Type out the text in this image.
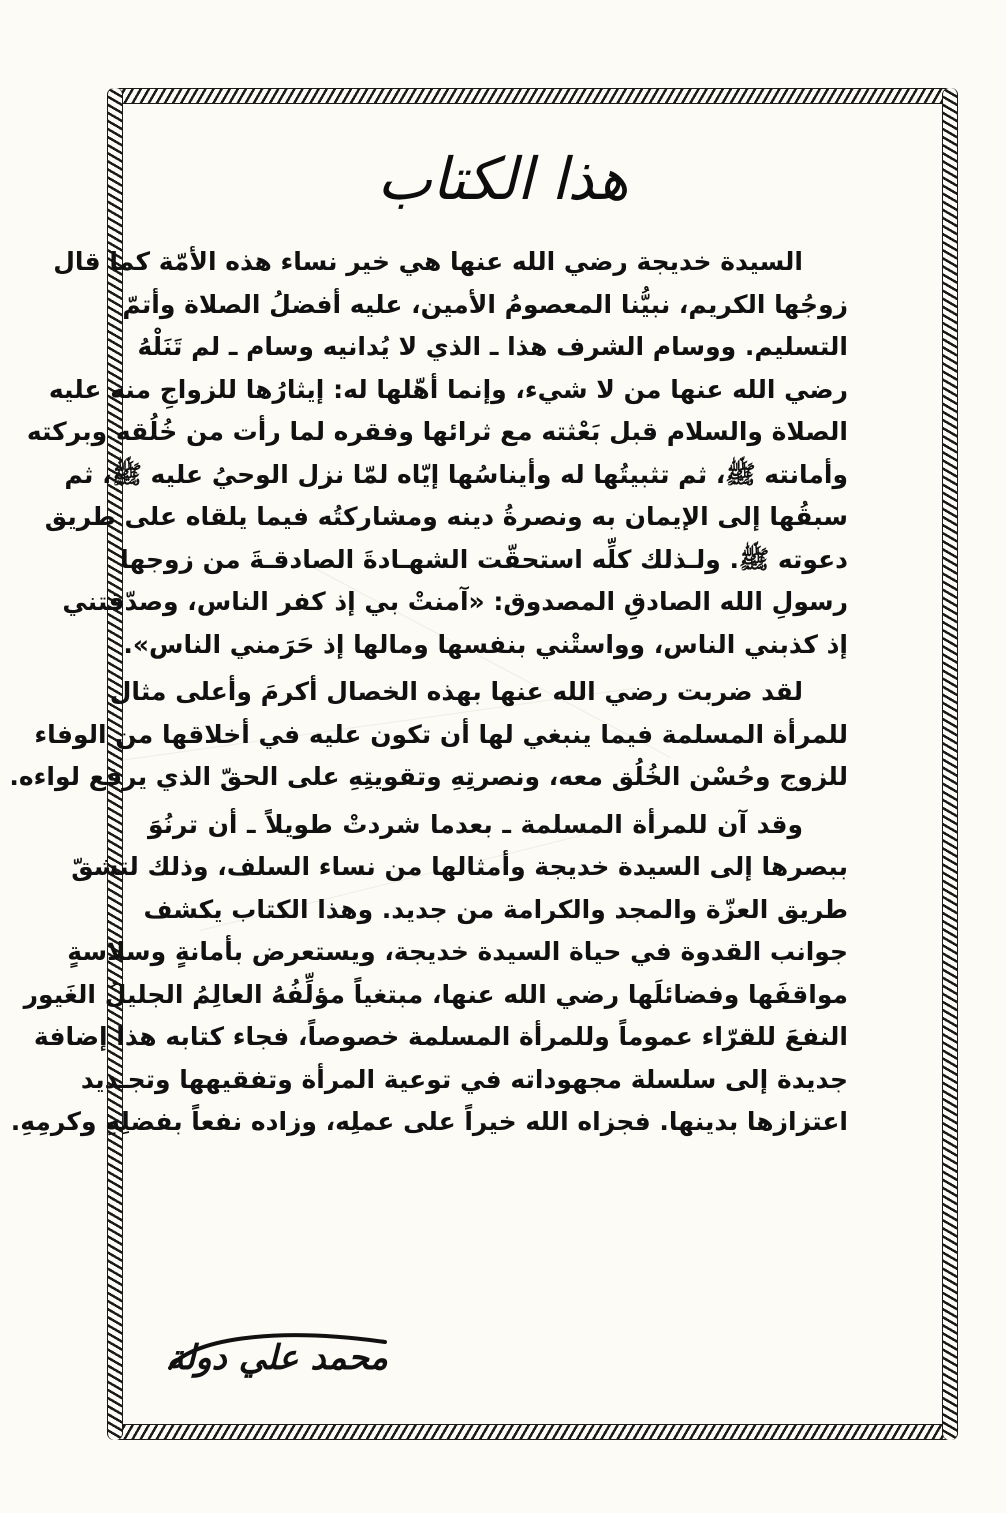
هذا الكتاب
السيدة خديجة رضي الله عنها هي خير نساء هذه الأمّة كما قال
زوجُها الكريم، نبيُّنا المعصومُ الأمين، عليه أفضلُ الصلاة وأتمّ
التسليم. ووسام الشرف هذا ـ الذي لا يُدانيه وسام ـ لم تَنَلْهُ
رضي الله عنها من لا شيء، وإنما أهّلها له: إيثارُها للزواجِ منه عليه
الصلاة والسلام قبل بَعْثته مع ثرائها وفقره لما رأت من خُلُقه وبركته
وأمانته ﷺ، ثم تثبيتُها له وأيناسُها إيّاه لمّا نزل الوحيُ عليه ﷺ، ثم
سبقُها إلى الإيمان به ونصرةُ دينه ومشاركتُه فيما يلقاه على طريق
دعوته ﷺ. ولـذلك كلِّه استحقّت الشهـادةَ الصادقـةَ من زوجها
رسولِ الله الصادقِ المصدوق: «آمنتْ بي إذ كفر الناس، وصدّقتني
إذ كذبني الناس، وواستْني بنفسها ومالها إذ حَرَمني الناس».
لقد ضربت رضي الله عنها بهذه الخصال أكرمَ وأعلى مثال
للمرأة المسلمة فيما ينبغي لها أن تكون عليه في أخلاقها من الوفاء
للزوج وحُسْن الخُلُق معه، ونصرتِهِ وتقويتِهِ على الحقّ الذي يرفع لواءه.
وقد آن للمرأة المسلمة ـ بعدما شردتْ طويلاً ـ أن ترنُوَ
ببصرها إلى السيدة خديجة وأمثالها من نساء السلف، وذلك لتشقّ
طريق العزّة والمجد والكرامة من جديد. وهذا الكتاب يكشف
جوانب القدوة في حياة السيدة خديجة، ويستعرض بأمانةٍ وسلاسةٍ
مواقفَها وفضائلَها رضي الله عنها، مبتغياً مؤلِّفُهُ العالِمُ الجليلُ الغَيور
النفعَ للقرّاء عموماً وللمرأة المسلمة خصوصاً، فجاء كتابه هذا إضافة
جديدة إلى سلسلة مجهوداته في توعية المرأة وتفقيهها وتجـديد
اعتزازها بدينها. فجزاه الله خيراً على عملِه، وزاده نفعاً بفضلِهِ وكرمِهِ.
محمد علي دولة
